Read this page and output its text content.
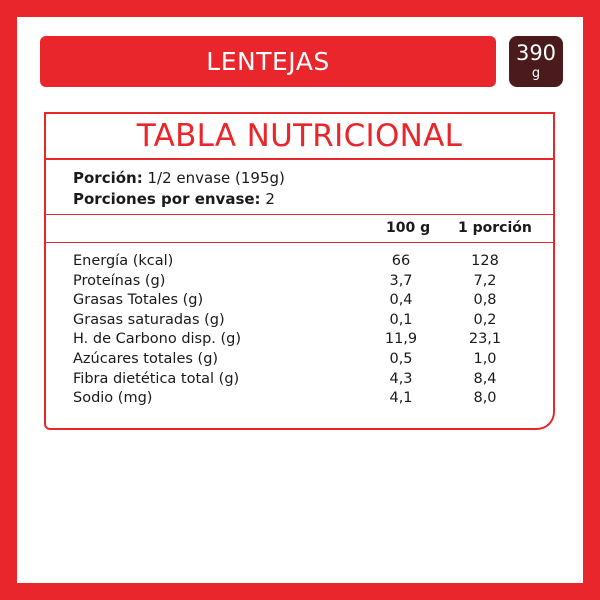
LENTEJAS	390
g
TABLA NUTRICIONAL
Porción: 1/2 envase (195g)
Porciones por envase: 2
100 g 1 porción
Energía (kcal)	66	128
Proteínas (g)	3,7	7,2
Grasas Totales (g)	0,4	0,8
Grasas saturadas (g)	0,1	0,2
H. de Carbono disp. (g)	11,9	23,1
Azúcares totales (g)	0,5	1,0
Fibra dietética total (g)	4,3	8,4
Sodio (mg)	4,1	8,0
